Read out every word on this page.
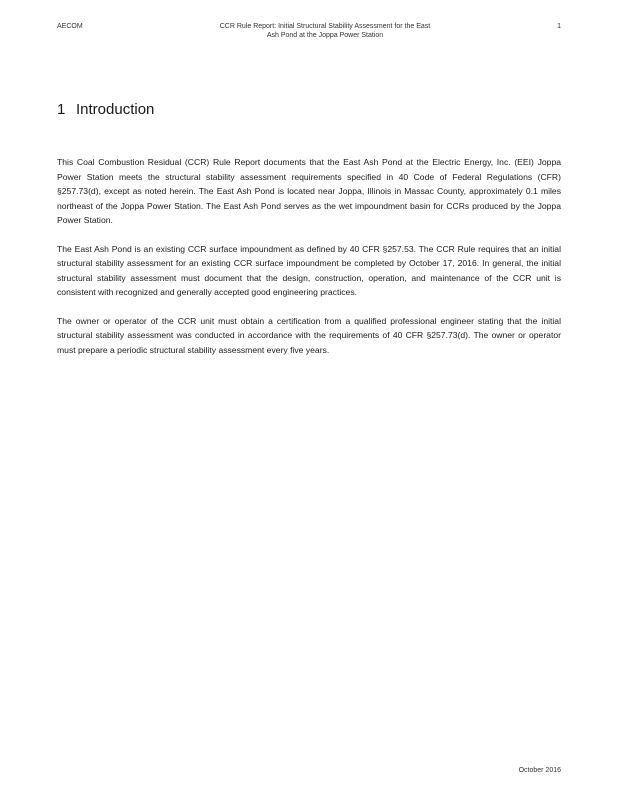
AECOM	CCR Rule Report: Initial Structural Stability Assessment for the East
Ash Pond at the Joppa Power Station
1
1 Introduction

This Coal Combustion Residual (CCR) Rule Report documents that the East Ash Pond at the Electric Energy, Inc. (EEI) Joppa Power Station meets the structural stability assessment requirements specified in 40 Code of Federal Regulations (CFR) §257.73(d), except as noted herein. The East Ash Pond is located near Joppa, Illinois in Massac County, approximately 0.1 miles northeast of the Joppa Power Station. The East Ash Pond serves as the wet impoundment basin for CCRs produced by the Joppa Power Station.

The East Ash Pond is an existing CCR surface impoundment as defined by 40 CFR §257.53. The CCR Rule requires that an initial structural stability assessment for an existing CCR surface impoundment be completed by October 17, 2016. In general, the initial structural stability assessment must document that the design, construction, operation, and maintenance of the CCR unit is consistent with recognized and generally accepted good engineering practices.

The owner or operator of the CCR unit must obtain a certification from a qualified professional engineer stating that the initial structural stability assessment was conducted in accordance with the requirements of 40 CFR §257.73(d). The owner or operator must prepare a periodic structural stability assessment every five years.

October 2016
